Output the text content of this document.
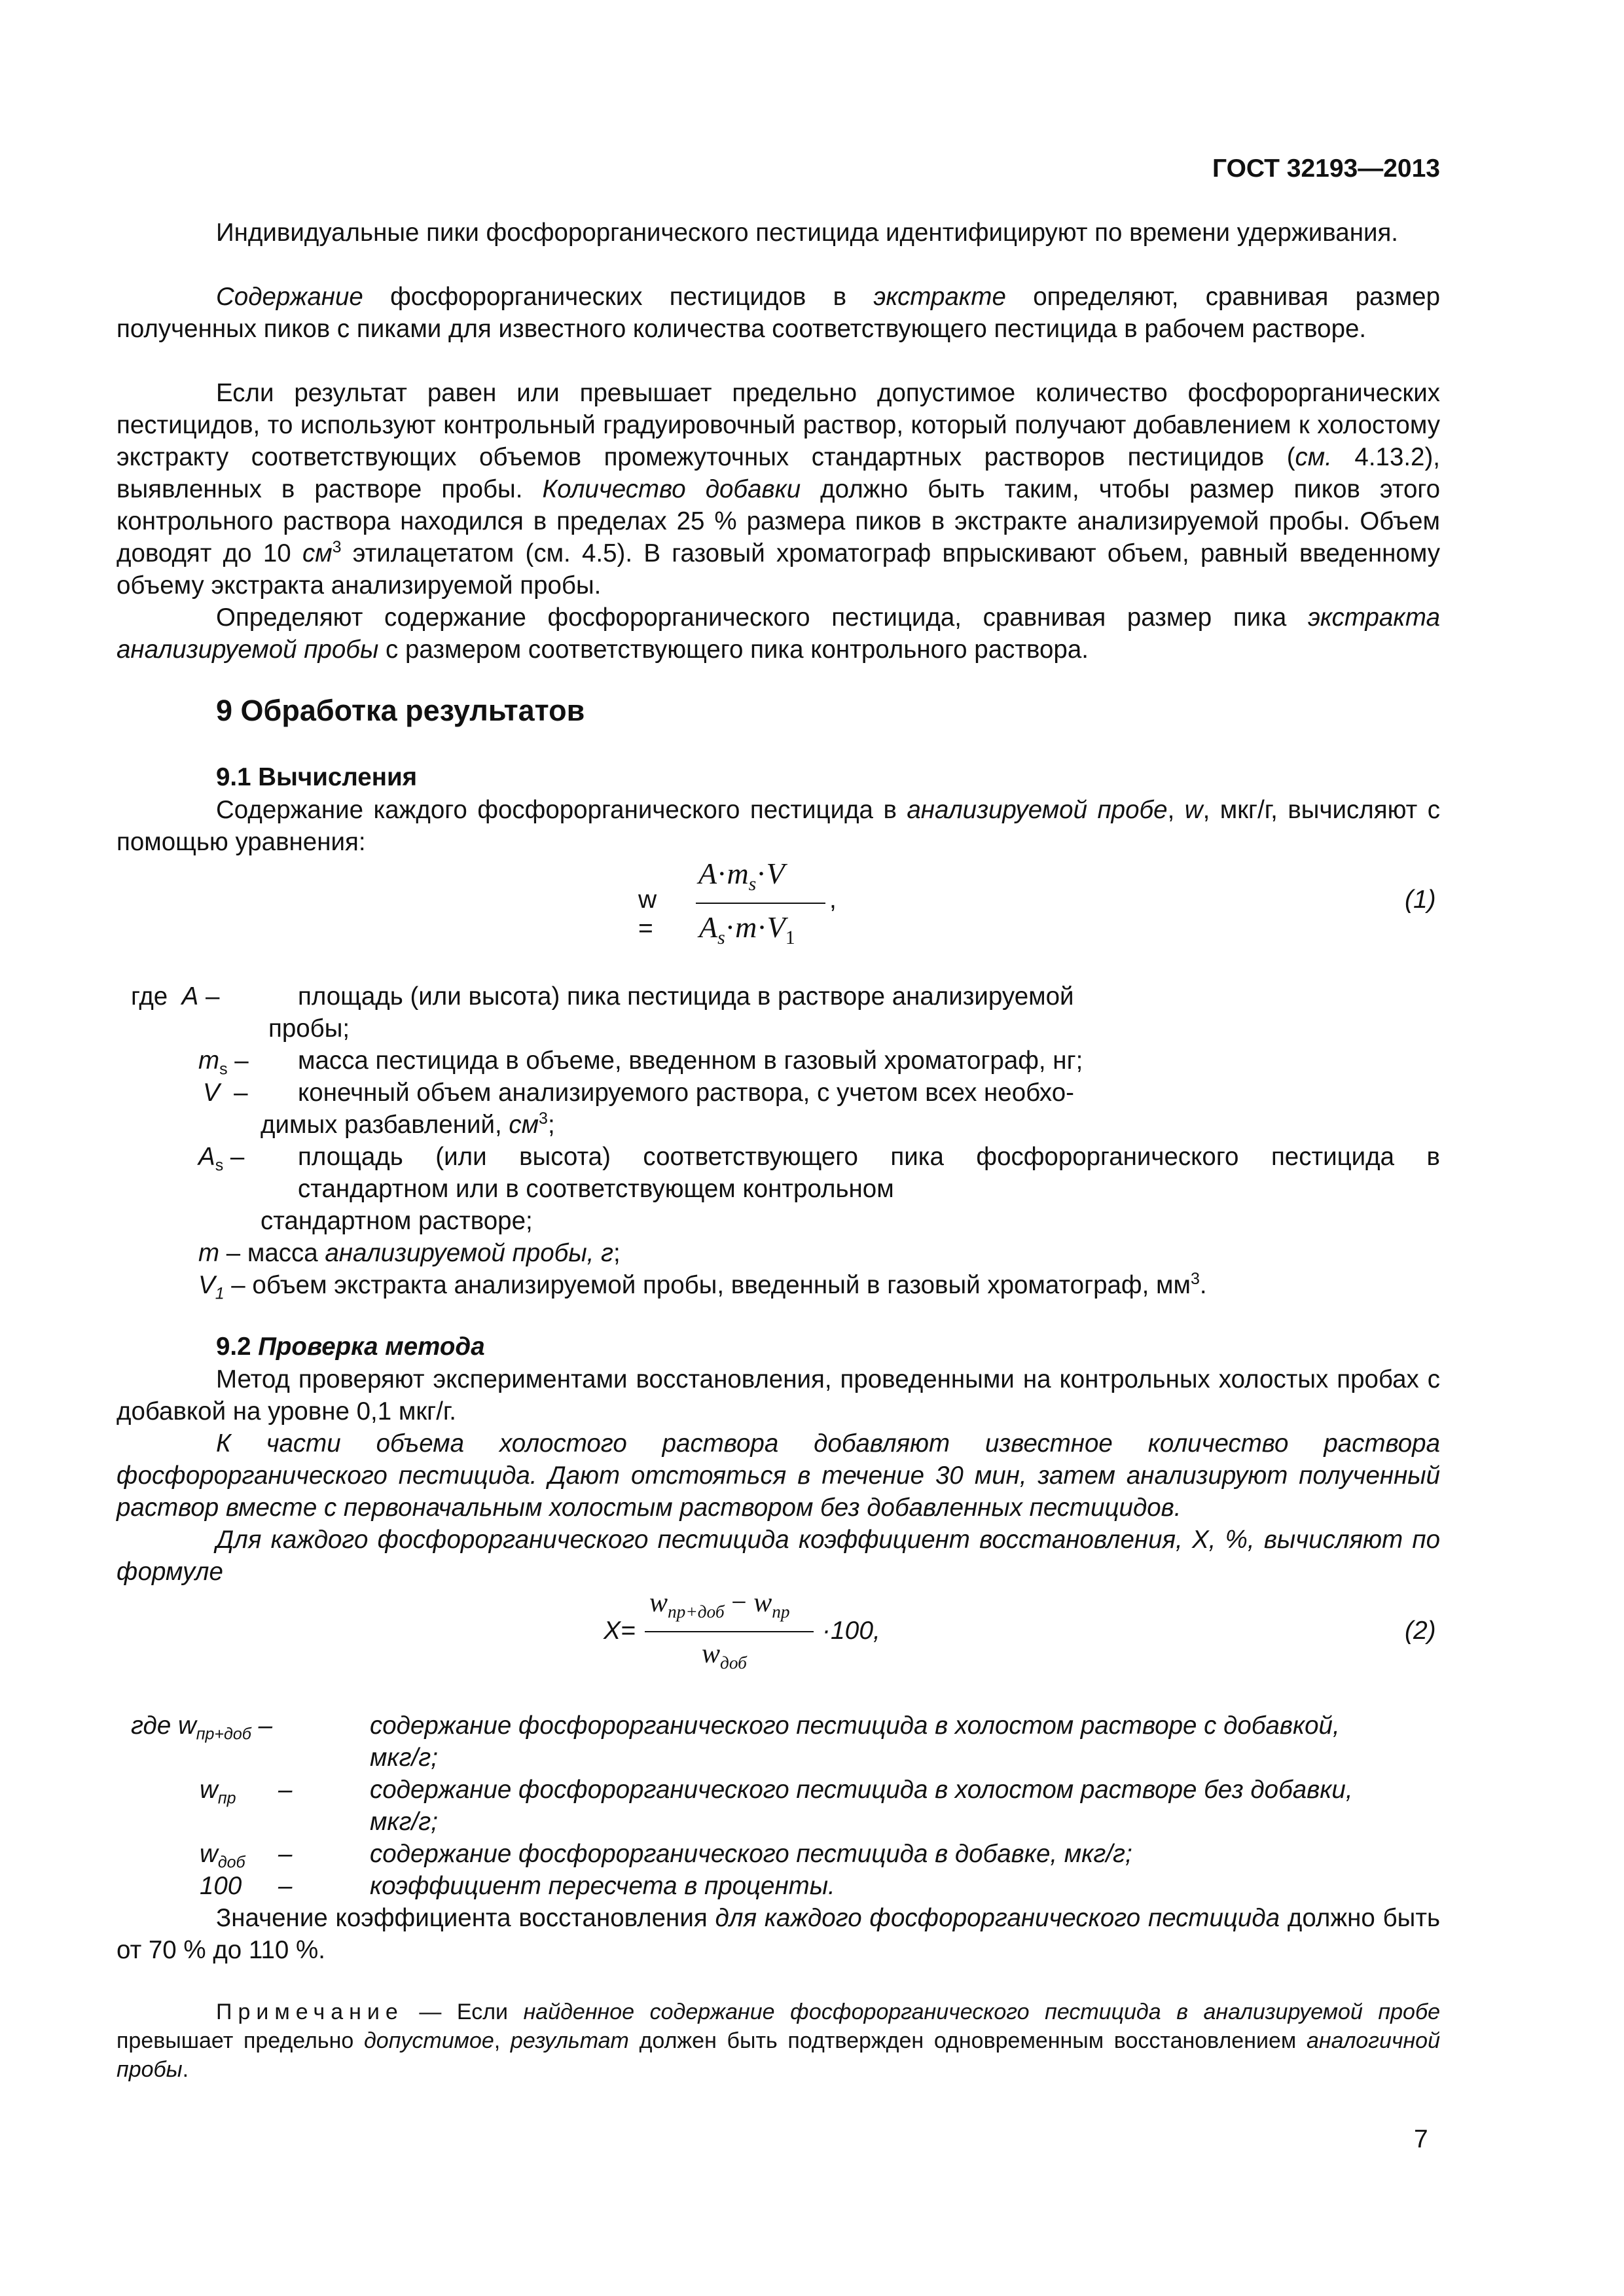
ГОСТ 32193—2013

Индивидуальные пики фосфорорганического пестицида идентифицируют по времени удерживания.

Содержание фосфорорганических пестицидов в экстракте определяют, сравнивая размер полученных пиков с пиками для известного количества соответствующего пестицида в рабочем растворе.

Если результат равен или превышает предельно допустимое количество фосфорорганических пестицидов, то используют контрольный градуировочный раствор, который получают добавлением к холостому экстракту соответствующих объемов промежуточных стандартных растворов пестицидов (см. 4.13.2), выявленных в растворе пробы. Количество добавки должно быть таким, чтобы размер пиков этого контрольного раствора находился в пределах 25 % размера пиков в экстракте анализируемой пробы. Объем доводят до 10 $см^3$ этилацетатом (см. 4.5). В газовый хроматограф впрыскивают объем, равный введенному объему экстракта анализируемой пробы.

Определяют содержание фосфорорганического пестицида, сравнивая размер пика экстракта анализируемой пробы с размером соответствующего пика контрольного раствора.

9 Обработка результатов
9.1 Вычисления

Содержание каждого фосфорорганического пестицида в анализируемой пробе, w, мкг/г, вычисляют с помощью уравнения:

w =
$A\cdot m_s\cdot V$
$A_s\cdot m\cdot V_1$
,	(1)
где A –	площадь (или высота) пика пестицида в растворе анализируемой
пробы;
$m_s$ – масса пестицида в объеме, введенном в газовый хроматограф, нг;
V – конечный объем анализируемого раствора, с учетом всех необхо-
димых разбавлений, $см^3$;
$A_s$ – площадь (или высота) соответствующего пика фосфорорганического пестицида в
стандартном или в соответствующем контрольном
стандартном растворе;
m – масса анализируемой пробы, г;
$V_1$ – объем экстракта анализируемой пробы, введенный в газовый хроматограф, $мм^3$.
9.2 Проверка метода

Метод проверяют экспериментами восстановления, проведенными на контрольных холостых пробах с добавкой на уровне 0,1 мкг/г.

К части объема холостого раствора добавляют известное количество раствора фосфорорганического пестицида. Дают отстояться в течение 30 мин, затем анализируют полученный раствор вместе с первоначальным холостым раствором без добавленных пестицидов.

Для каждого фосфорорганического пестицида коэффициент восстановления, X, %, вычисляют по формуле

X=
$w_{пр+доб} - w_{пр}$
$w_{доб}$
·100,	(2)
где $w_{пр+доб}$ –	содержание фосфорорганического пестицида в холостом растворе с добавкой,
мкг/г;
$w_{пр}$ –	содержание фосфорорганического пестицида в холостом растворе без добавки,
мкг/г;
$w_{доб}$ –	содержание фосфорорганического пестицида в добавке, мкг/г;
100 –	коэффициент пересчета в проценты.

Значение коэффициента восстановления для каждого фосфорорганического пестицида должно быть от 70 % до 110 %.

Примечание — Если найденное содержание фосфорорганического пестицида в анализируемой пробе превышает предельно допустимое, результат должен быть подтвержден одновременным восстановлением аналогичной пробы.

7
